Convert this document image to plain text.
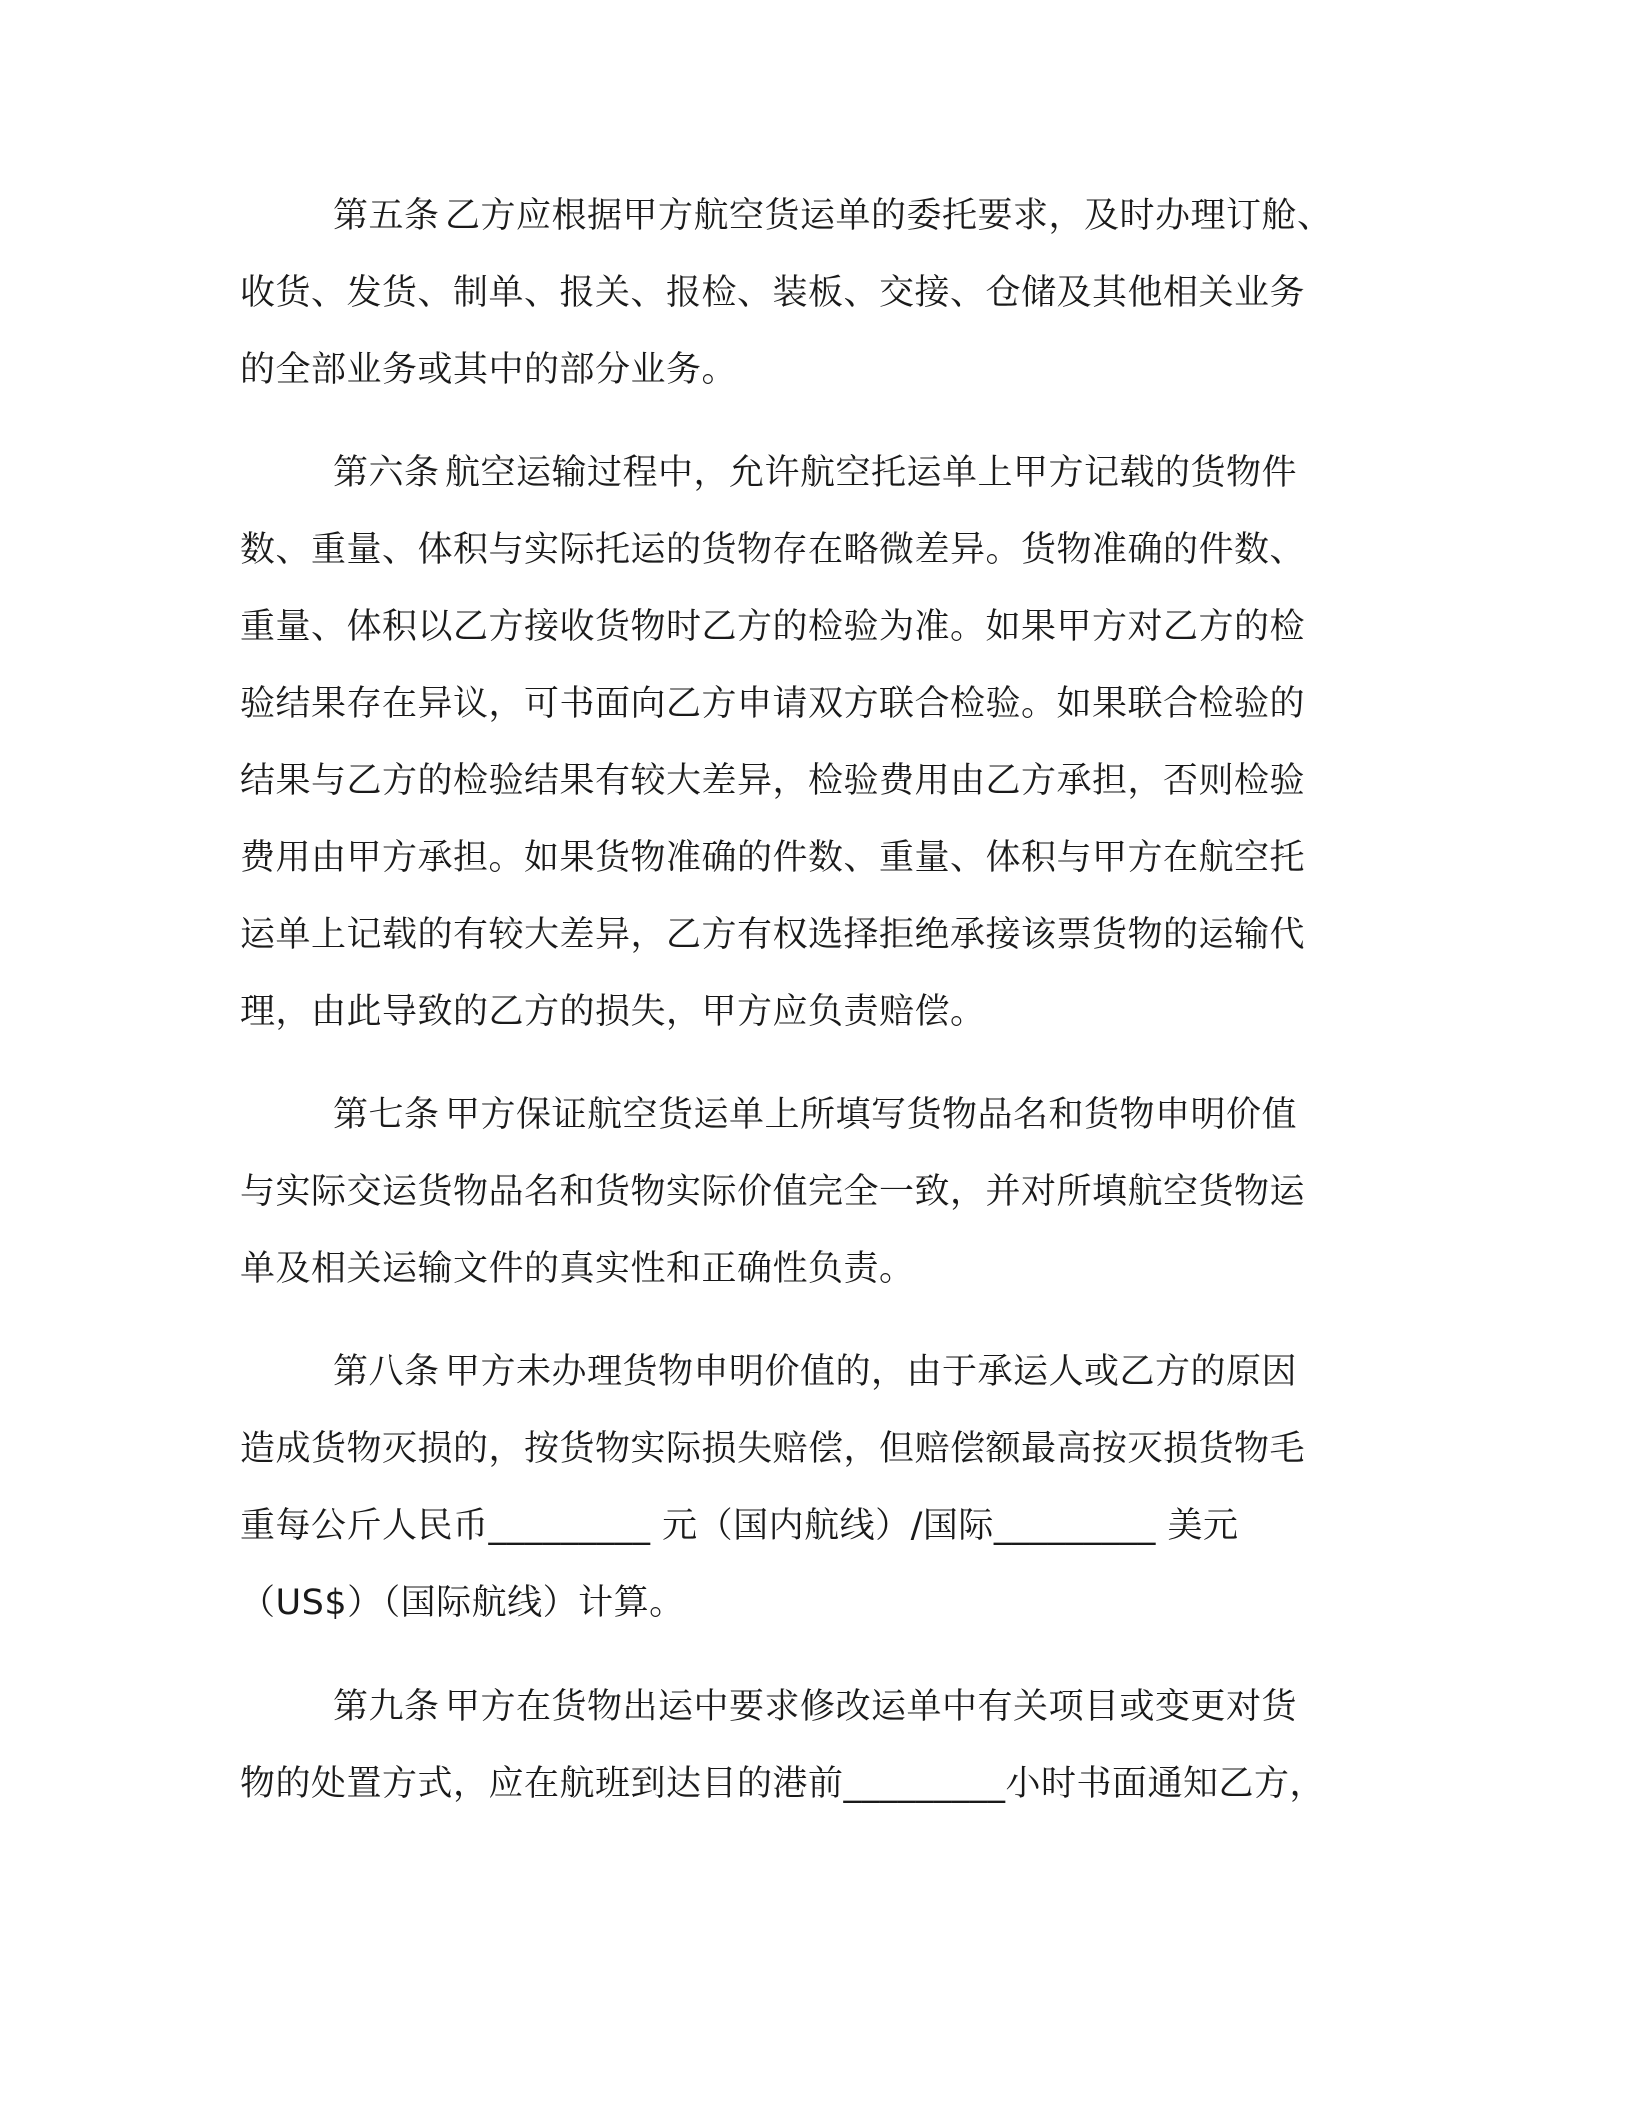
第五条 乙方应根据甲方航空货运单的委托要求，及时办理订舱、
收货、发货、制单、报关、报检、装板、交接、仓储及其他相关业务
的全部业务或其中的部分业务。
第六条 航空运输过程中，允许航空托运单上甲方记载的货物件
数、重量、体积与实际托运的货物存在略微差异。货物准确的件数、
重量、体积以乙方接收货物时乙方的检验为准。如果甲方对乙方的检
验结果存在异议，可书面向乙方申请双方联合检验。如果联合检验的
结果与乙方的检验结果有较大差异，检验费用由乙方承担，否则检验
费用由甲方承担。如果货物准确的件数、重量、体积与甲方在航空托
运单上记载的有较大差异，乙方有权选择拒绝承接该票货物的运输代
理，由此导致的乙方的损失，甲方应负责赔偿。
第七条 甲方保证航空货运单上所填写货物品名和货物申明价值
与实际交运货物品名和货物实际价值完全一致，并对所填航空货物运
单及相关运输文件的真实性和正确性负责。
第八条 甲方未办理货物申明价值的，由于承运人或乙方的原因
造成货物灭损的，按货物实际损失赔偿，但赔偿额最高按灭损货物毛
重每公斤人民币_________ 元（国内航线）/国际_________ 美元
（US$）（国际航线）计算。
第九条 甲方在货物出运中要求修改运单中有关项目或变更对货
物的处置方式，应在航班到达目的港前_________小时书面通知乙方，
